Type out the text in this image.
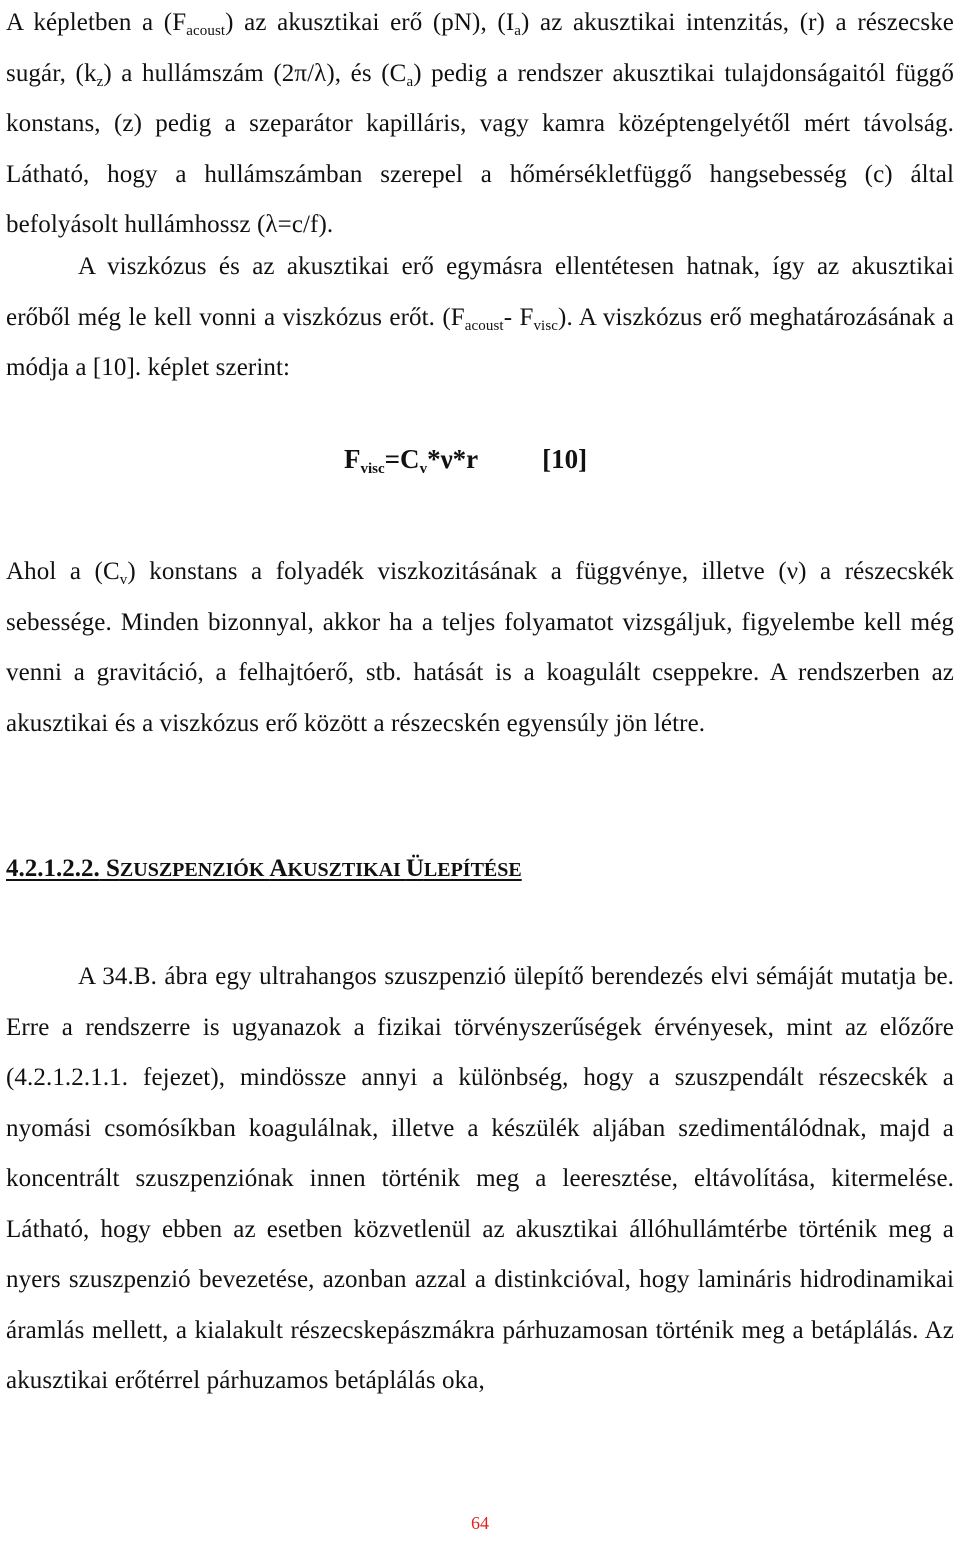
A képletben a $(F_{acoust})$ az akusztikai erő (pN), $(I_a)$ az akusztikai intenzitás, (r) a részecske sugár, $(k_z)$ a hullámszám (2π/λ), és $(C_a)$ pedig a rendszer akusztikai tulajdonságaitól függő konstans, (z) pedig a szeparátor kapilláris, vagy kamra középtengelyétől mért távolság. Látható, hogy a hullámszámban szerepel a hőmérsékletfüggő hangsebesség (c) által befolyásolt hullámhossz (λ=c/f).

A viszkózus és az akusztikai erő egymásra ellentétesen hatnak, így az akusztikai erőből még le kell vonni a viszkózus erőt. ($F_{acoust}-$ $F_{visc}$). A viszkózus erő meghatározásának a módja a [10]. képlet szerint:

$F_{visc}=C_v*\nu*r$ [10]

Ahol a $(C_v)$ konstans a folyadék viszkozitásának a függvénye, illetve (ν) a részecskék sebessége. Minden bizonnyal, akkor ha a teljes folyamatot vizsgáljuk, figyelembe kell még venni a gravitáció, a felhajtóerő, stb. hatását is a koagulált cseppekre. A rendszerben az akusztikai és a viszkózus erő között a részecskén egyensúly jön létre.

4.2.1.2.2. SZUSZPENZIÓK AKUSZTIKAI ÜLEPÍTÉSE

A 34.B. ábra egy ultrahangos szuszpenzió ülepítő berendezés elvi sémáját mutatja be. Erre a rendszerre is ugyanazok a fizikai törvényszerűségek érvényesek, mint az előzőre (4.2.1.2.1.1. fejezet), mindössze annyi a különbség, hogy a szuszpendált részecskék a nyomási csomósíkban koagulálnak, illetve a készülék aljában szedimentálódnak, majd a koncentrált szuszpenziónak innen történik meg a leeresztése, eltávolítása, kitermelése. Látható, hogy ebben az esetben közvetlenül az akusztikai állóhullámtérbe történik meg a nyers szuszpenzió bevezetése, azonban azzal a distinkcióval, hogy lamináris hidrodinamikai áramlás mellett, a kialakult részecskepászmákra párhuzamosan történik meg a betáplálás. Az akusztikai erőtérrel párhuzamos betáplálás oka,

64
